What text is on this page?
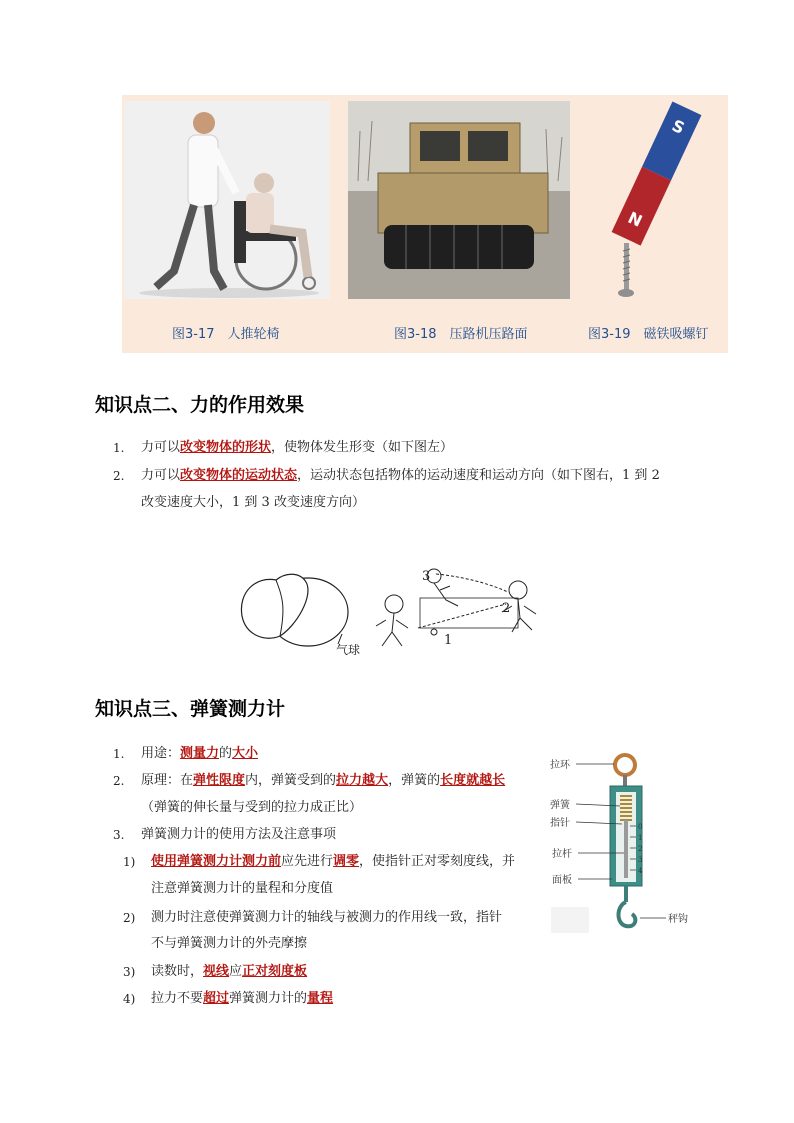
S
N
图3-17　人推轮椅	图3-18　压路机压路面	图3-19　磁铁吸螺钉
知识点二、力的作用效果
1. 力可以改变物体的形状，使物体发生形变（如下图左）
2. 力可以改变物体的运动状态，运动状态包括物体的运动速度和运动方向（如下图右，1 到 2
改变速度大小，1 到 3 改变速度方向）
气球
1
2
3
知识点三、弹簧测力计
1. 用途：测量力的大小
2. 原理：在弹性限度内，弹簧受到的拉力越大，弹簧的长度就越长
（弹簧的伸长量与受到的拉力成正比）
3. 弹簧测力计的使用方法及注意事项
1) 使用弹簧测力计测力前应先进行调零，使指针正对零刻度线，并
注意弹簧测力计的量程和分度值
2) 测力时注意使弹簧测力计的轴线与被测力的作用线一致，指针
不与弹簧测力计的外壳摩擦
3) 读数时，视线应正对刻度板
4) 拉力不要超过弹簧测力计的量程
0
1
2
3
4
拉环
弹簧
指针
拉杆
面板
秤钩
